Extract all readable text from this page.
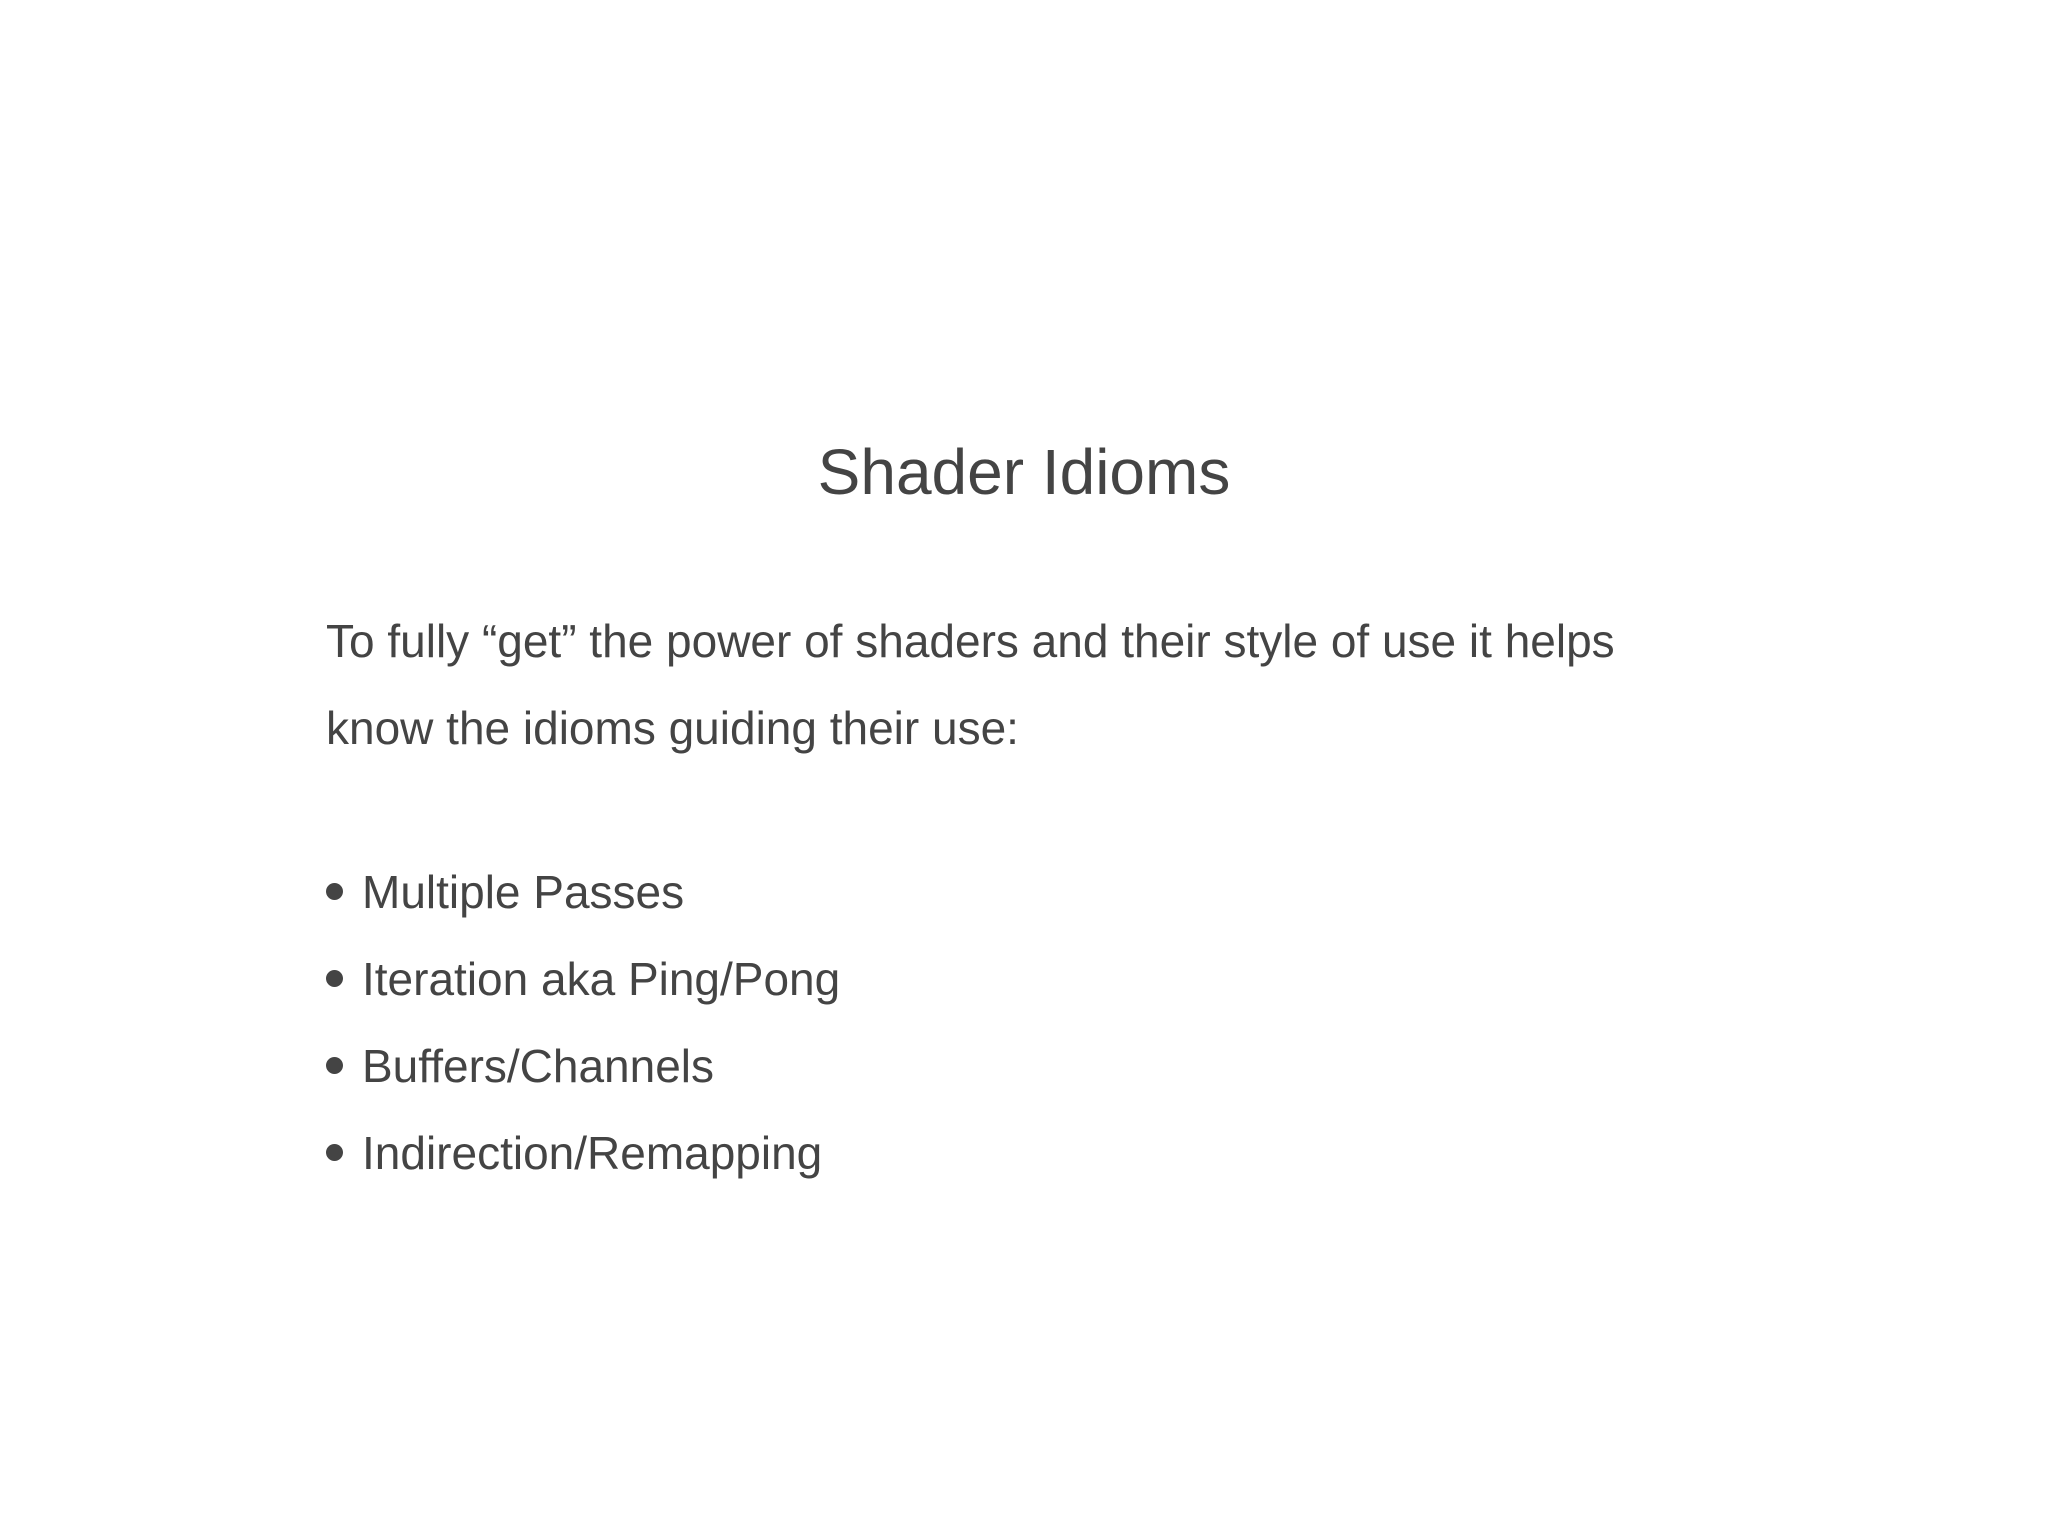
Shader Idioms

To fully “get” the power of shaders and their style of use it helps
know the idioms guiding their use:

Multiple Passes
Iteration aka Ping/Pong
Buffers/Channels
Indirection/Remapping
